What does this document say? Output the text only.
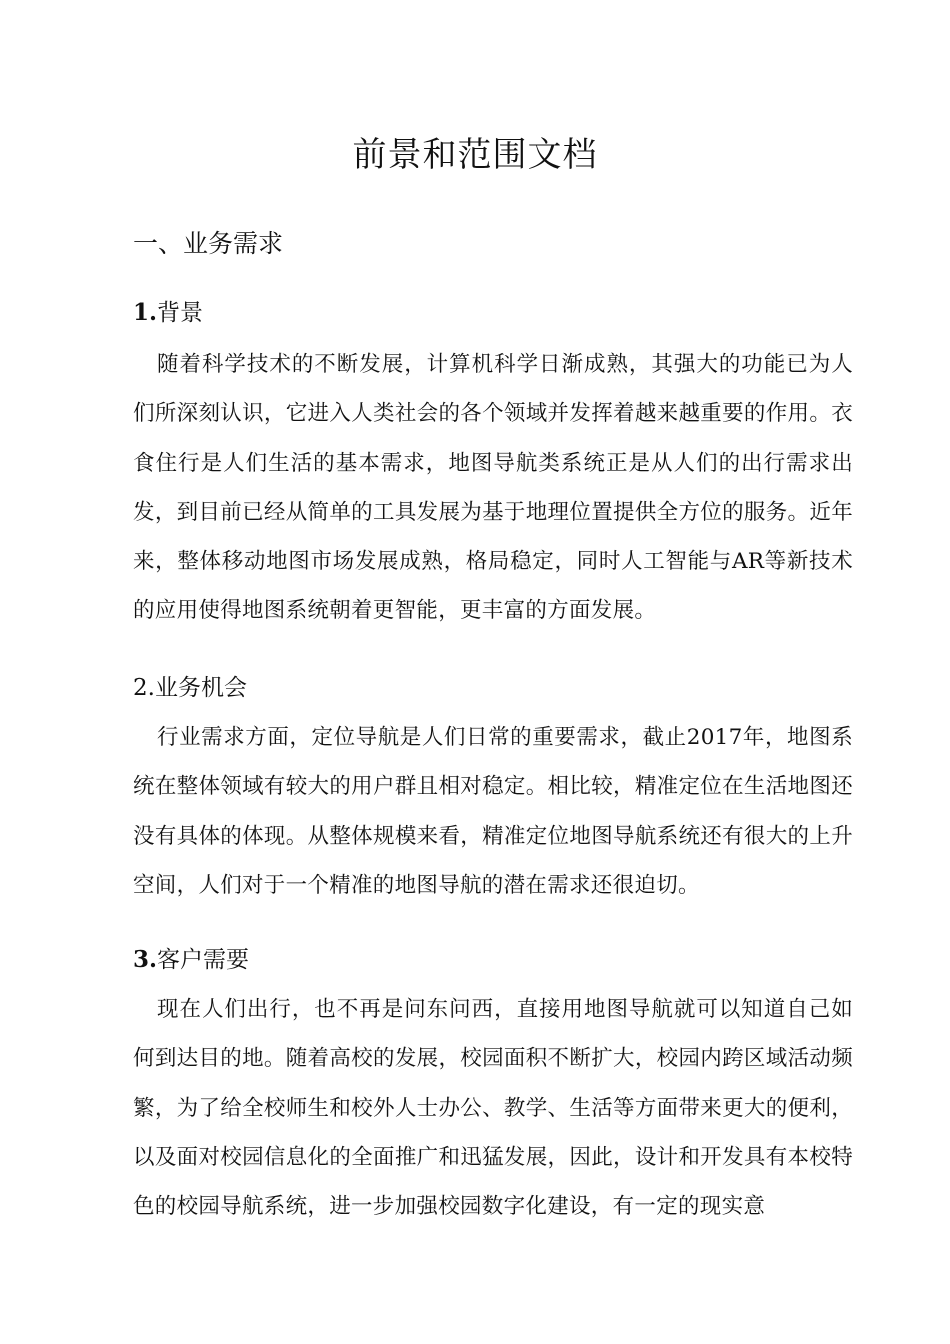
前景和范围文档
一、业务需求
1.背景

随着科学技术的不断发展，计算机科学日渐成熟，其强大的功能已为人们所深刻认识，它进入人类社会的各个领域并发挥着越来越重要的作用。衣食住行是人们生活的基本需求，地图导航类系统正是从人们的出行需求出发，到目前已经从简单的工具发展为基于地理位置提供全方位的服务。近年来，整体移动地图市场发展成熟，格局稳定，同时人工智能与AR等新技术的应用使得地图系统朝着更智能，更丰富的方面发展。

2.业务机会

行业需求方面，定位导航是人们日常的重要需求，截止2017年，地图系统在整体领域有较大的用户群且相对稳定。相比较，精准定位在生活地图还没有具体的体现。从整体规模来看，精准定位地图导航系统还有很大的上升空间，人们对于一个精准的地图导航的潜在需求还很迫切。

3.客户需要

现在人们出行，也不再是问东问西，直接用地图导航就可以知道自己如何到达目的地。随着高校的发展，校园面积不断扩大，校园内跨区域活动频繁，为了给全校师生和校外人士办公、教学、生活等方面带来更大的便利，以及面对校园信息化的全面推广和迅猛发展，因此，设计和开发具有本校特色的校园导航系统，进一步加强校园数字化建设，有一定的现实意
